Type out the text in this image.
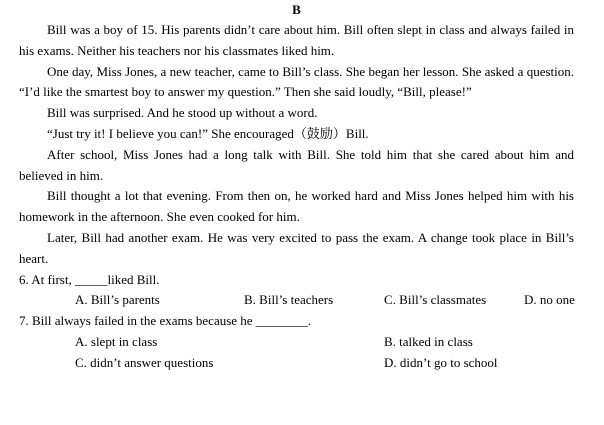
B

Bill was a boy of 15. His parents didn’t care about him. Bill often slept in class and always failed in his exams. Neither his teachers nor his classmates liked him.

One day, Miss Jones, a new teacher, came to Bill’s class. She began her lesson. She asked a question. “I’d like the smartest boy to answer my question.” Then she said loudly, “Bill, please!”

Bill was surprised. And he stood up without a word.

“Just try it! I believe you can!” She encouraged（鼓励）Bill.

After school, Miss Jones had a long talk with Bill. She told him that she cared about him and believed in him.

Bill thought a lot that evening. From then on, he worked hard and Miss Jones helped him with his homework in the afternoon. She even cooked for him.

Later, Bill had another exam. He was very excited to pass the exam. A change took place in Bill’s heart.

6. At first, _____liked Bill.

A. Bill’s parents	B. Bill’s teachers	C. Bill’s classmates	D. no one

7. Bill always failed in the exams because he ________.

A. slept in class	B. talked in class
C. didn’t answer questions	D. didn’t go to school
